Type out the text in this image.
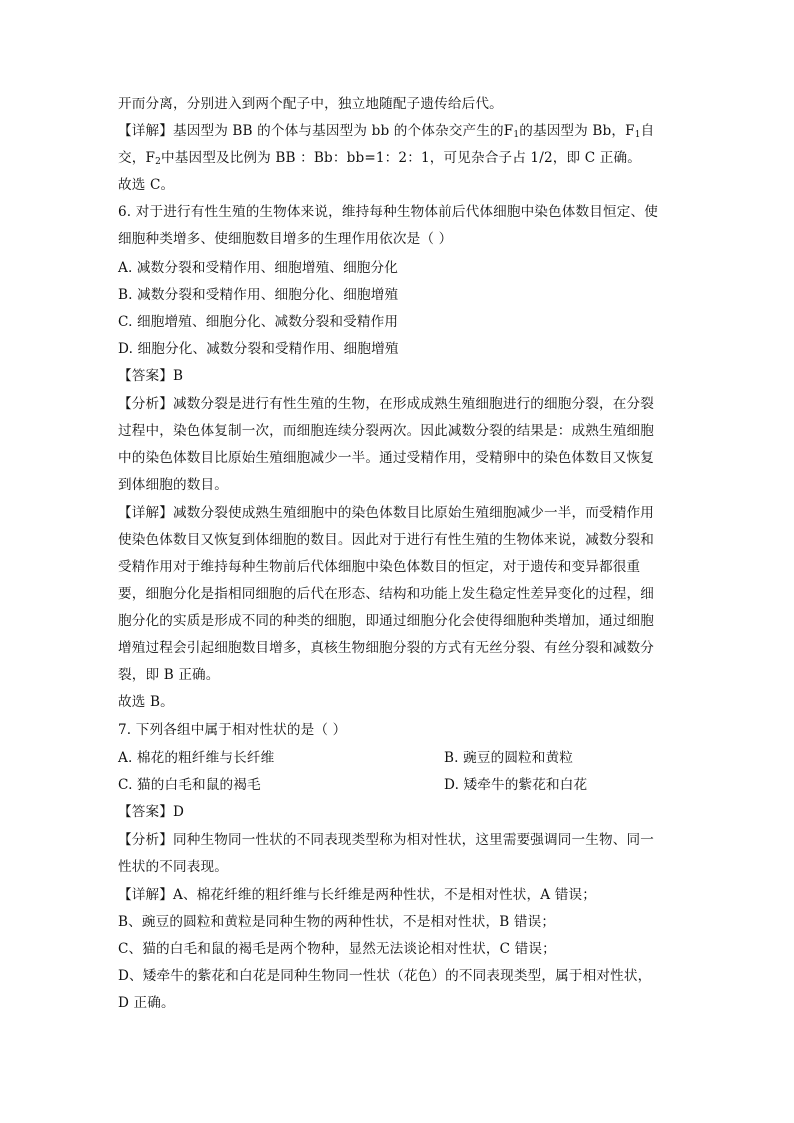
开而分离，分别进入到两个配子中，独立地随配子遗传给后代。
【详解】基因型为 BB 的个体与基因型为 bb 的个体杂交产生的$F_1$的基因型为 Bb，$F_1$自
交，$F_2$中基因型及比例为 BB ：Bb：bb=1：2：1，可见杂合子占 1/2，即 C 正确。
故选 C。
6. 对于进行有性生殖的生物体来说，维持每种生物体前后代体细胞中染色体数目恒定、使
细胞种类增多、使细胞数目增多的生理作用依次是（ ）
A. 减数分裂和受精作用、细胞增殖、细胞分化
B. 减数分裂和受精作用、细胞分化、细胞增殖
C. 细胞增殖、细胞分化、减数分裂和受精作用
D. 细胞分化、减数分裂和受精作用、细胞增殖
【答案】B
【分析】减数分裂是进行有性生殖的生物，在形成成熟生殖细胞进行的细胞分裂，在分裂
过程中，染色体复制一次，而细胞连续分裂两次。因此减数分裂的结果是：成熟生殖细胞
中的染色体数目比原始生殖细胞减少一半。通过受精作用，受精卵中的染色体数目又恢复
到体细胞的数目。
【详解】减数分裂使成熟生殖细胞中的染色体数目比原始生殖细胞减少一半，而受精作用
使染色体数目又恢复到体细胞的数目。因此对于进行有性生殖的生物体来说，减数分裂和
受精作用对于维持每种生物前后代体细胞中染色体数目的恒定，对于遗传和变异都很重
要，细胞分化是指相同细胞的后代在形态、结构和功能上发生稳定性差异变化的过程，细
胞分化的实质是形成不同的种类的细胞，即通过细胞分化会使得细胞种类增加，通过细胞
增殖过程会引起细胞数目增多，真核生物细胞分裂的方式有无丝分裂、有丝分裂和减数分
裂，即 B 正确。
故选 B。
7. 下列各组中属于相对性状的是（ ）
A. 棉花的粗纤维与长纤维	B. 豌豆的圆粒和黄粒
C. 猫的白毛和鼠的褐毛	D. 矮牵牛的紫花和白花
【答案】D
【分析】同种生物同一性状的不同表现类型称为相对性状，这里需要强调同一生物、同一
性状的不同表现。
【详解】A、棉花纤维的粗纤维与长纤维是两种性状，不是相对性状，A 错误；
B、豌豆的圆粒和黄粒是同种生物的两种性状，不是相对性状，B 错误；
C、猫的白毛和鼠的褐毛是两个物种，显然无法谈论相对性状，C 错误；
D、矮牵牛的紫花和白花是同种生物同一性状（花色）的不同表现类型，属于相对性状，
D 正确。
